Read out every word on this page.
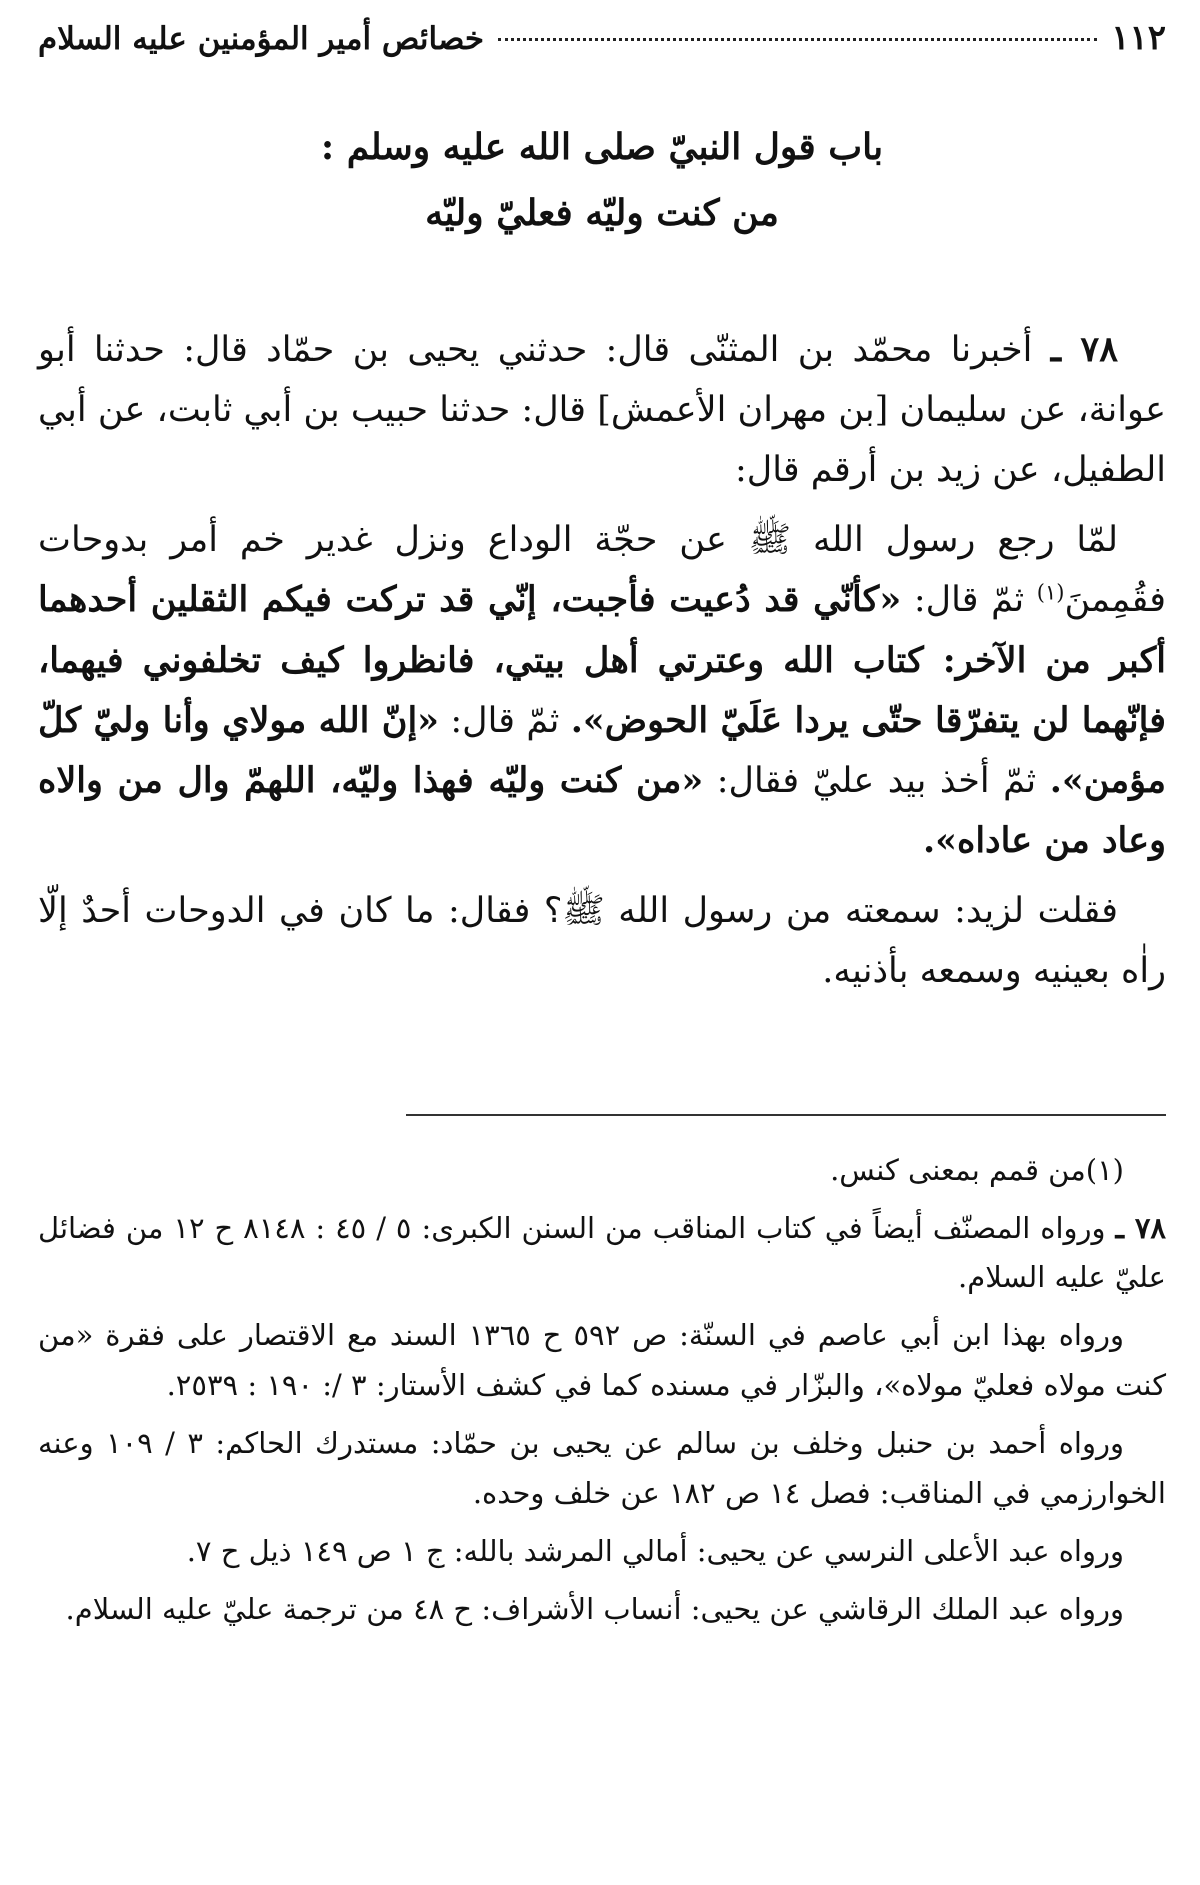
١١٢
خصائص أمير المؤمنين عليه السلام
باب قول النبيّ صلى الله عليه وسلم :
من كنت وليّه فعليّ وليّه

٧٨ ـ أخبرنا محمّد بن المثنّى قال: حدثني يحيى بن حمّاد قال: حدثنا أبو عوانة، عن سليمان [بن مهران الأعمش] قال: حدثنا حبيب بن أبي ثابت، عن أبي الطفيل، عن زيد بن أرقم قال:

لمّا رجع رسول الله ﷺ عن حجّة الوداع ونزل غدير خم أمر بدوحات فقُمِمنَ$^{(١)}$ ثمّ قال: «كأنّي قد دُعيت فأجبت، إنّي قد تركت فيكم الثقلين أحدهما أكبر من الآخر: كتاب الله وعترتي أهل بيتي، فانظروا كيف تخلفوني فيهما، فإنّهما لن يتفرّقا حتّى يردا عَلَيّ الحوض». ثمّ قال: «إنّ الله مولاي وأنا وليّ كلّ مؤمن». ثمّ أخذ بيد عليّ فقال: «من كنت وليّه فهذا وليّه، اللهمّ وال من والاه وعاد من عاداه».

فقلت لزيد: سمعته من رسول الله ﷺ؟ فقال: ما كان في الدوحات أحدٌ إلّا راٰه بعينيه وسمعه بأذنيه.

(١)من قمم بمعنى كنس.

٧٨ ـ ورواه المصنّف أيضاً في كتاب المناقب من السنن الكبرى: ٥ / ٤٥ : ٨١٤٨ ح ١٢ من فضائل عليّ عليه السلام.

ورواه بهذا ابن أبي عاصم في السنّة: ص ٥٩٢ ح ١٣٦٥ السند مع الاقتصار على فقرة «من كنت مولاه فعليّ مولاه»، والبزّار في مسنده كما في كشف الأستار: ٣ /: ١٩٠ : ٢٥٣٩.

ورواه أحمد بن حنبل وخلف بن سالم عن يحيى بن حمّاد: مستدرك الحاكم: ٣ / ١٠٩ وعنه الخوارزمي في المناقب: فصل ١٤ ص ١٨٢ عن خلف وحده.

ورواه عبد الأعلى النرسي عن يحيى: أمالي المرشد بالله: ج ١ ص ١٤٩ ذيل ح ٧.

ورواه عبد الملك الرقاشي عن يحيى: أنساب الأشراف: ح ٤٨ من ترجمة عليّ عليه السلام.
